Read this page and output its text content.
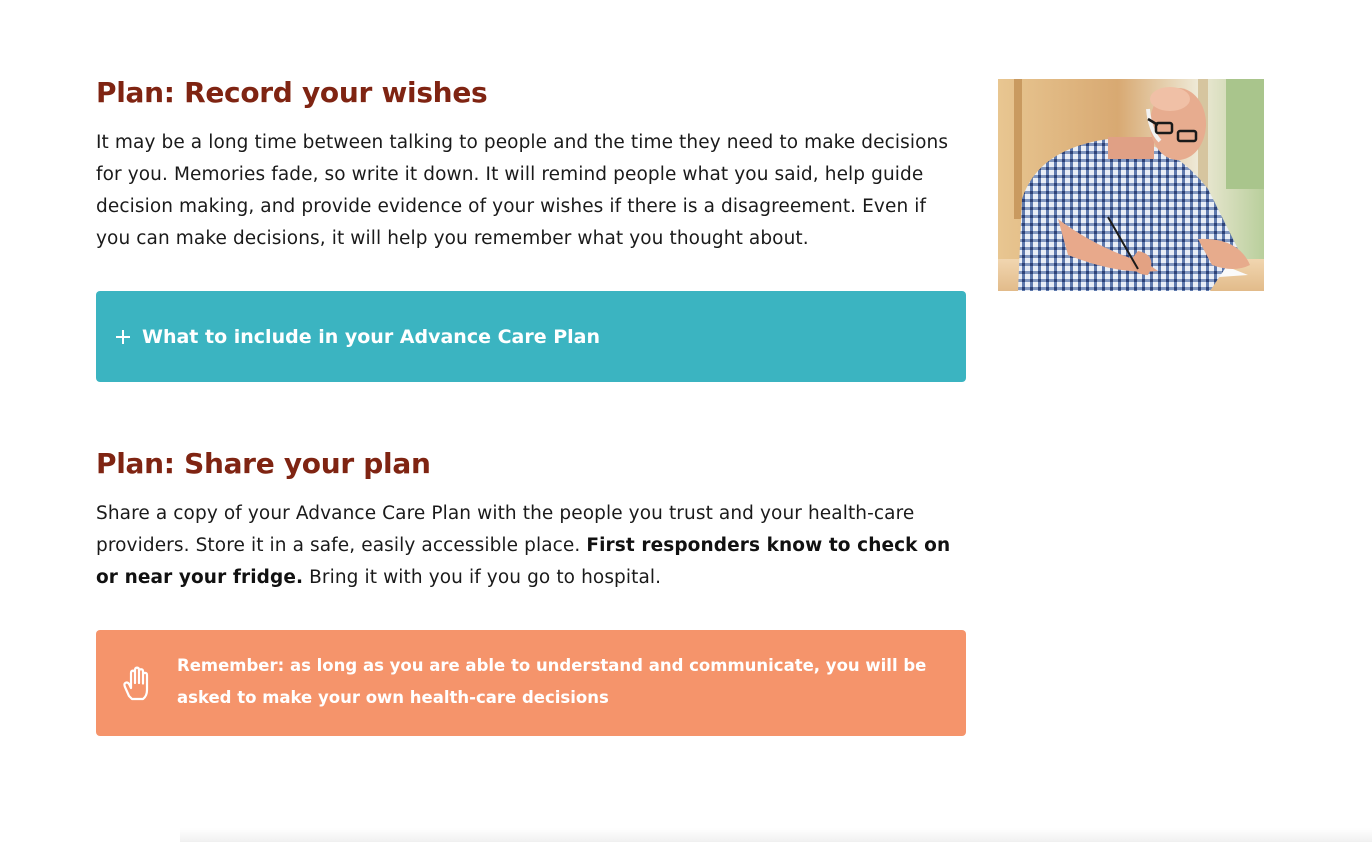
Plan: Record your wishes

It may be a long time between talking to people and the time they need to make decisions for you. Memories fade, so write it down. It will remind people what you said, help guide decision making, and provide evidence of your wishes if there is a disagreement. Even if you can make decisions, it will help you remember what you thought about.

What to include in your Advance Care Plan
Plan: Share your plan

Share a copy of your Advance Care Plan with the people you trust and your health-care providers. Store it in a safe, easily accessible place. First responders know to check on or near your fridge. Bring it with you if you go to hospital.

Remember: as long as you are able to understand and communicate, you will be asked to make your own health-care decisions
